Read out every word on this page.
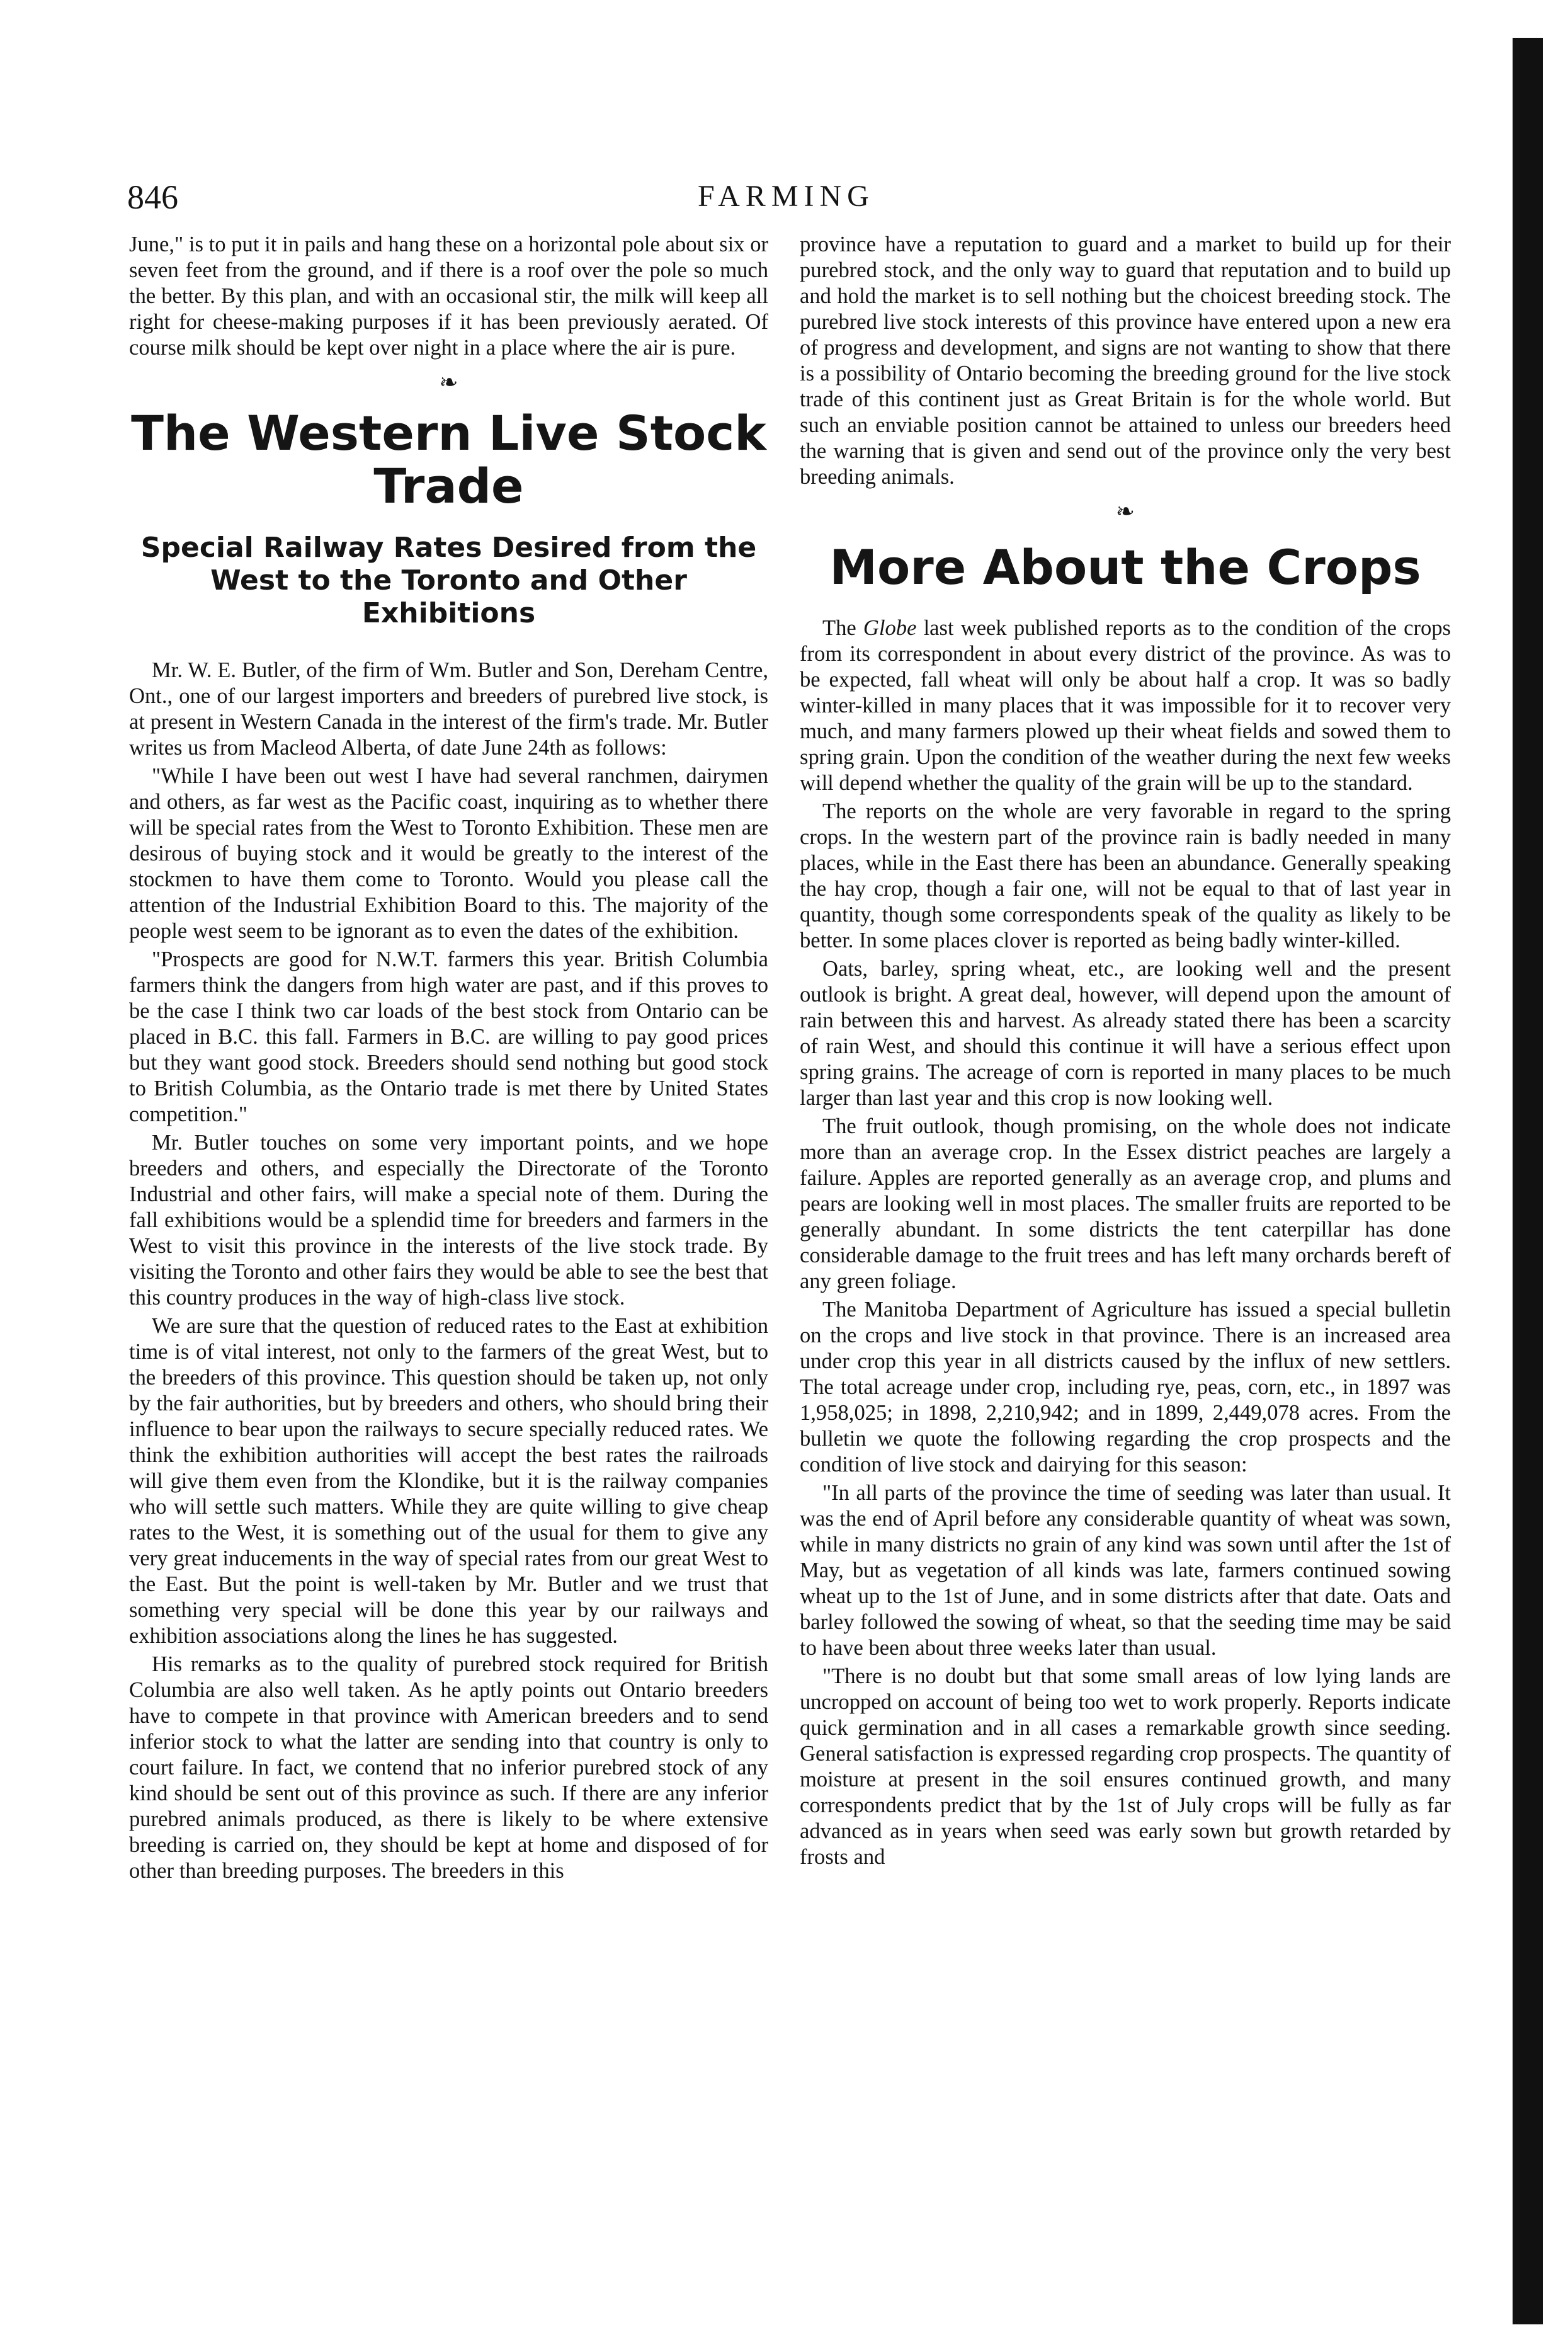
846	FARMING

June," is to put it in pails and hang these on a horizontal pole about six or seven feet from the ground, and if there is a roof over the pole so much the better. By this plan, and with an occasional stir, the milk will keep all right for cheese-making purposes if it has been previously aerated. Of course milk should be kept over night in a place where the air is pure.

❧
The Western Live Stock Trade
Special Railway Rates Desired from the West to the Toronto and Other Exhibitions

Mr. W. E. Butler, of the firm of Wm. Butler and Son, Dereham Centre, Ont., one of our largest importers and breeders of purebred live stock, is at present in Western Canada in the interest of the firm's trade. Mr. Butler writes us from Macleod Alberta, of date June 24th as follows:

"While I have been out west I have had several ranchmen, dairymen and others, as far west as the Pacific coast, inquiring as to whether there will be special rates from the West to Toronto Exhibition. These men are desirous of buying stock and it would be greatly to the interest of the stockmen to have them come to Toronto. Would you please call the attention of the Industrial Exhibition Board to this. The majority of the people west seem to be ignorant as to even the dates of the exhibition.

"Prospects are good for N.W.T. farmers this year. British Columbia farmers think the dangers from high water are past, and if this proves to be the case I think two car loads of the best stock from Ontario can be placed in B.C. this fall. Farmers in B.C. are willing to pay good prices but they want good stock. Breeders should send nothing but good stock to British Columbia, as the Ontario trade is met there by United States competition."

Mr. Butler touches on some very important points, and we hope breeders and others, and especially the Directorate of the Toronto Industrial and other fairs, will make a special note of them. During the fall exhibitions would be a splendid time for breeders and farmers in the West to visit this province in the interests of the live stock trade. By visiting the Toronto and other fairs they would be able to see the best that this country produces in the way of high-class live stock.

We are sure that the question of reduced rates to the East at exhibition time is of vital interest, not only to the farmers of the great West, but to the breeders of this province. This question should be taken up, not only by the fair authorities, but by breeders and others, who should bring their influence to bear upon the railways to secure specially reduced rates. We think the exhibition authorities will accept the best rates the railroads will give them even from the Klondike, but it is the railway companies who will settle such matters. While they are quite willing to give cheap rates to the West, it is something out of the usual for them to give any very great inducements in the way of special rates from our great West to the East. But the point is well-taken by Mr. Butler and we trust that something very special will be done this year by our railways and exhibition associations along the lines he has suggested.

His remarks as to the quality of purebred stock required for British Columbia are also well taken. As he aptly points out Ontario breeders have to compete in that province with American breeders and to send inferior stock to what the latter are sending into that country is only to court failure. In fact, we contend that no inferior purebred stock of any kind should be sent out of this province as such. If there are any inferior purebred animals produced, as there is likely to be where extensive breeding is carried on, they should be kept at home and disposed of for other than breeding purposes. The breeders in this

province have a reputation to guard and a market to build up for their purebred stock, and the only way to guard that reputation and to build up and hold the market is to sell nothing but the choicest breeding stock. The purebred live stock interests of this province have entered upon a new era of progress and development, and signs are not wanting to show that there is a possibility of Ontario becoming the breeding ground for the live stock trade of this continent just as Great Britain is for the whole world. But such an enviable position cannot be attained to unless our breeders heed the warning that is given and send out of the province only the very best breeding animals.

❧
More About the Crops

The Globe last week published reports as to the condition of the crops from its correspondent in about every district of the province. As was to be expected, fall wheat will only be about half a crop. It was so badly winter-killed in many places that it was impossible for it to recover very much, and many farmers plowed up their wheat fields and sowed them to spring grain. Upon the condition of the weather during the next few weeks will depend whether the quality of the grain will be up to the standard.

The reports on the whole are very favorable in regard to the spring crops. In the western part of the province rain is badly needed in many places, while in the East there has been an abundance. Generally speaking the hay crop, though a fair one, will not be equal to that of last year in quantity, though some correspondents speak of the quality as likely to be better. In some places clover is reported as being badly winter-killed.

Oats, barley, spring wheat, etc., are looking well and the present outlook is bright. A great deal, however, will depend upon the amount of rain between this and harvest. As already stated there has been a scarcity of rain West, and should this continue it will have a serious effect upon spring grains. The acreage of corn is reported in many places to be much larger than last year and this crop is now looking well.

The fruit outlook, though promising, on the whole does not indicate more than an average crop. In the Essex district peaches are largely a failure. Apples are reported generally as an average crop, and plums and pears are looking well in most places. The smaller fruits are reported to be generally abundant. In some districts the tent caterpillar has done considerable damage to the fruit trees and has left many orchards bereft of any green foliage.

The Manitoba Department of Agriculture has issued a special bulletin on the crops and live stock in that province. There is an increased area under crop this year in all districts caused by the influx of new settlers. The total acreage under crop, including rye, peas, corn, etc., in 1897 was 1,958,025; in 1898, 2,210,942; and in 1899, 2,449,078 acres. From the bulletin we quote the following regarding the crop prospects and the condition of live stock and dairying for this season:

"In all parts of the province the time of seeding was later than usual. It was the end of April before any considerable quantity of wheat was sown, while in many districts no grain of any kind was sown until after the 1st of May, but as vegetation of all kinds was late, farmers continued sowing wheat up to the 1st of June, and in some districts after that date. Oats and barley followed the sowing of wheat, so that the seeding time may be said to have been about three weeks later than usual.

"There is no doubt but that some small areas of low lying lands are uncropped on account of being too wet to work properly. Reports indicate quick germination and in all cases a remarkable growth since seeding. General satisfaction is expressed regarding crop prospects. The quantity of moisture at present in the soil ensures continued growth, and many correspondents predict that by the 1st of July crops will be fully as far advanced as in years when seed was early sown but growth retarded by frosts and
